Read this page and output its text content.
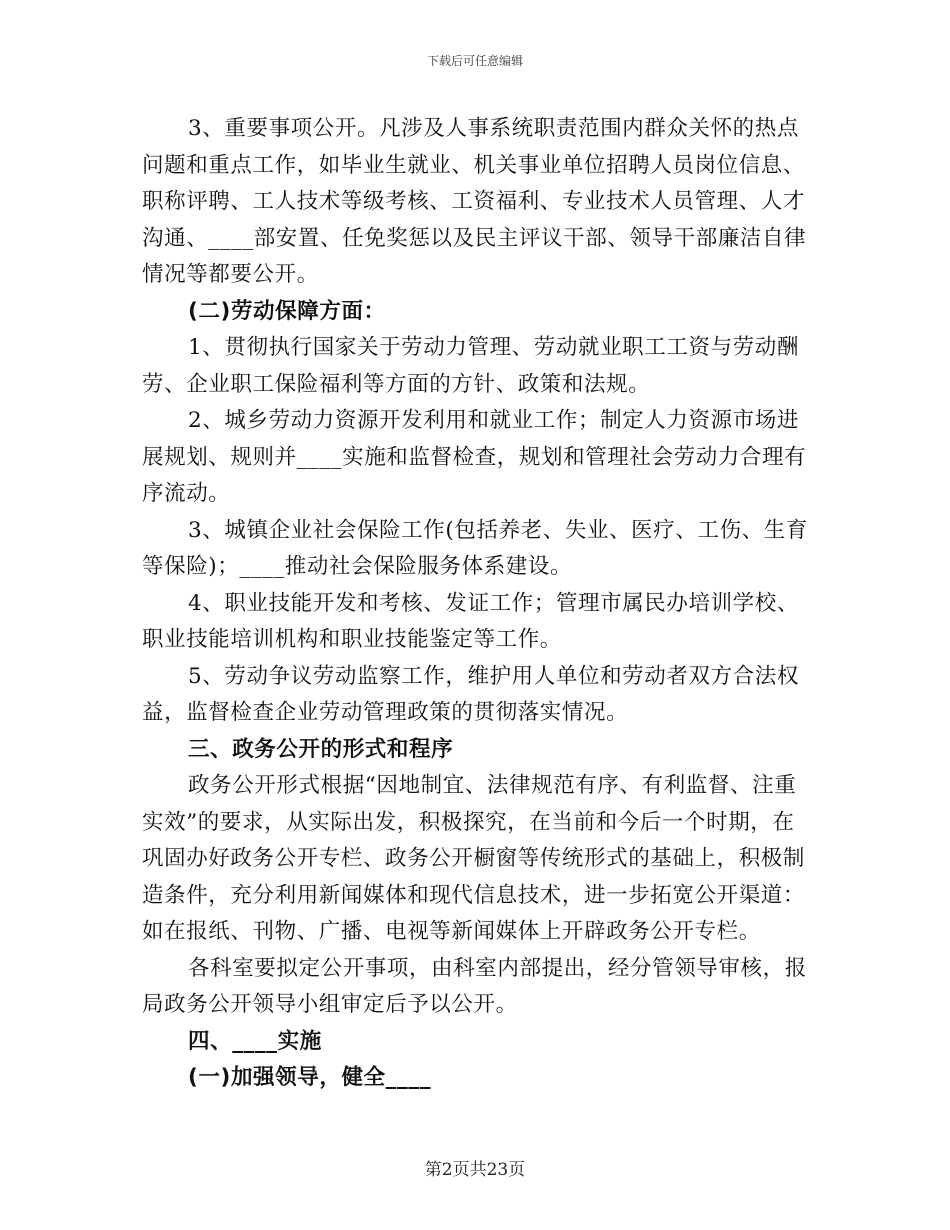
下载后可任意编辑

3、重要事项公开。凡涉及人事系统职责范围内群众关怀的热点问题和重点工作，如毕业生就业、机关事业单位招聘人员岗位信息、职称评聘、工人技术等级考核、工资福利、专业技术人员管理、人才沟通、____部安置、任免奖惩以及民主评议干部、领导干部廉洁自律情况等都要公开。

(二)劳动保障方面：

1、贯彻执行国家关于劳动力管理、劳动就业职工工资与劳动酬劳、企业职工保险福利等方面的方针、政策和法规。

2、城乡劳动力资源开发利用和就业工作；制定人力资源市场进展规划、规则并____实施和监督检查，规划和管理社会劳动力合理有序流动。

3、城镇企业社会保险工作(包括养老、失业、医疗、工伤、生育等保险)；____推动社会保险服务体系建设。

4、职业技能开发和考核、发证工作；管理市属民办培训学校、职业技能培训机构和职业技能鉴定等工作。

5、劳动争议劳动监察工作，维护用人单位和劳动者双方合法权益，监督检查企业劳动管理政策的贯彻落实情况。

三、政务公开的形式和程序

政务公开形式根据“因地制宜、法律规范有序、有利监督、注重实效”的要求，从实际出发，积极探究，在当前和今后一个时期，在巩固办好政务公开专栏、政务公开橱窗等传统形式的基础上，积极制造条件，充分利用新闻媒体和现代信息技术，进一步拓宽公开渠道：如在报纸、刊物、广播、电视等新闻媒体上开辟政务公开专栏。

各科室要拟定公开事项，由科室内部提出，经分管领导审核，报局政务公开领导小组审定后予以公开。

四、____实施

(一)加强领导，健全____

第2页共23页
